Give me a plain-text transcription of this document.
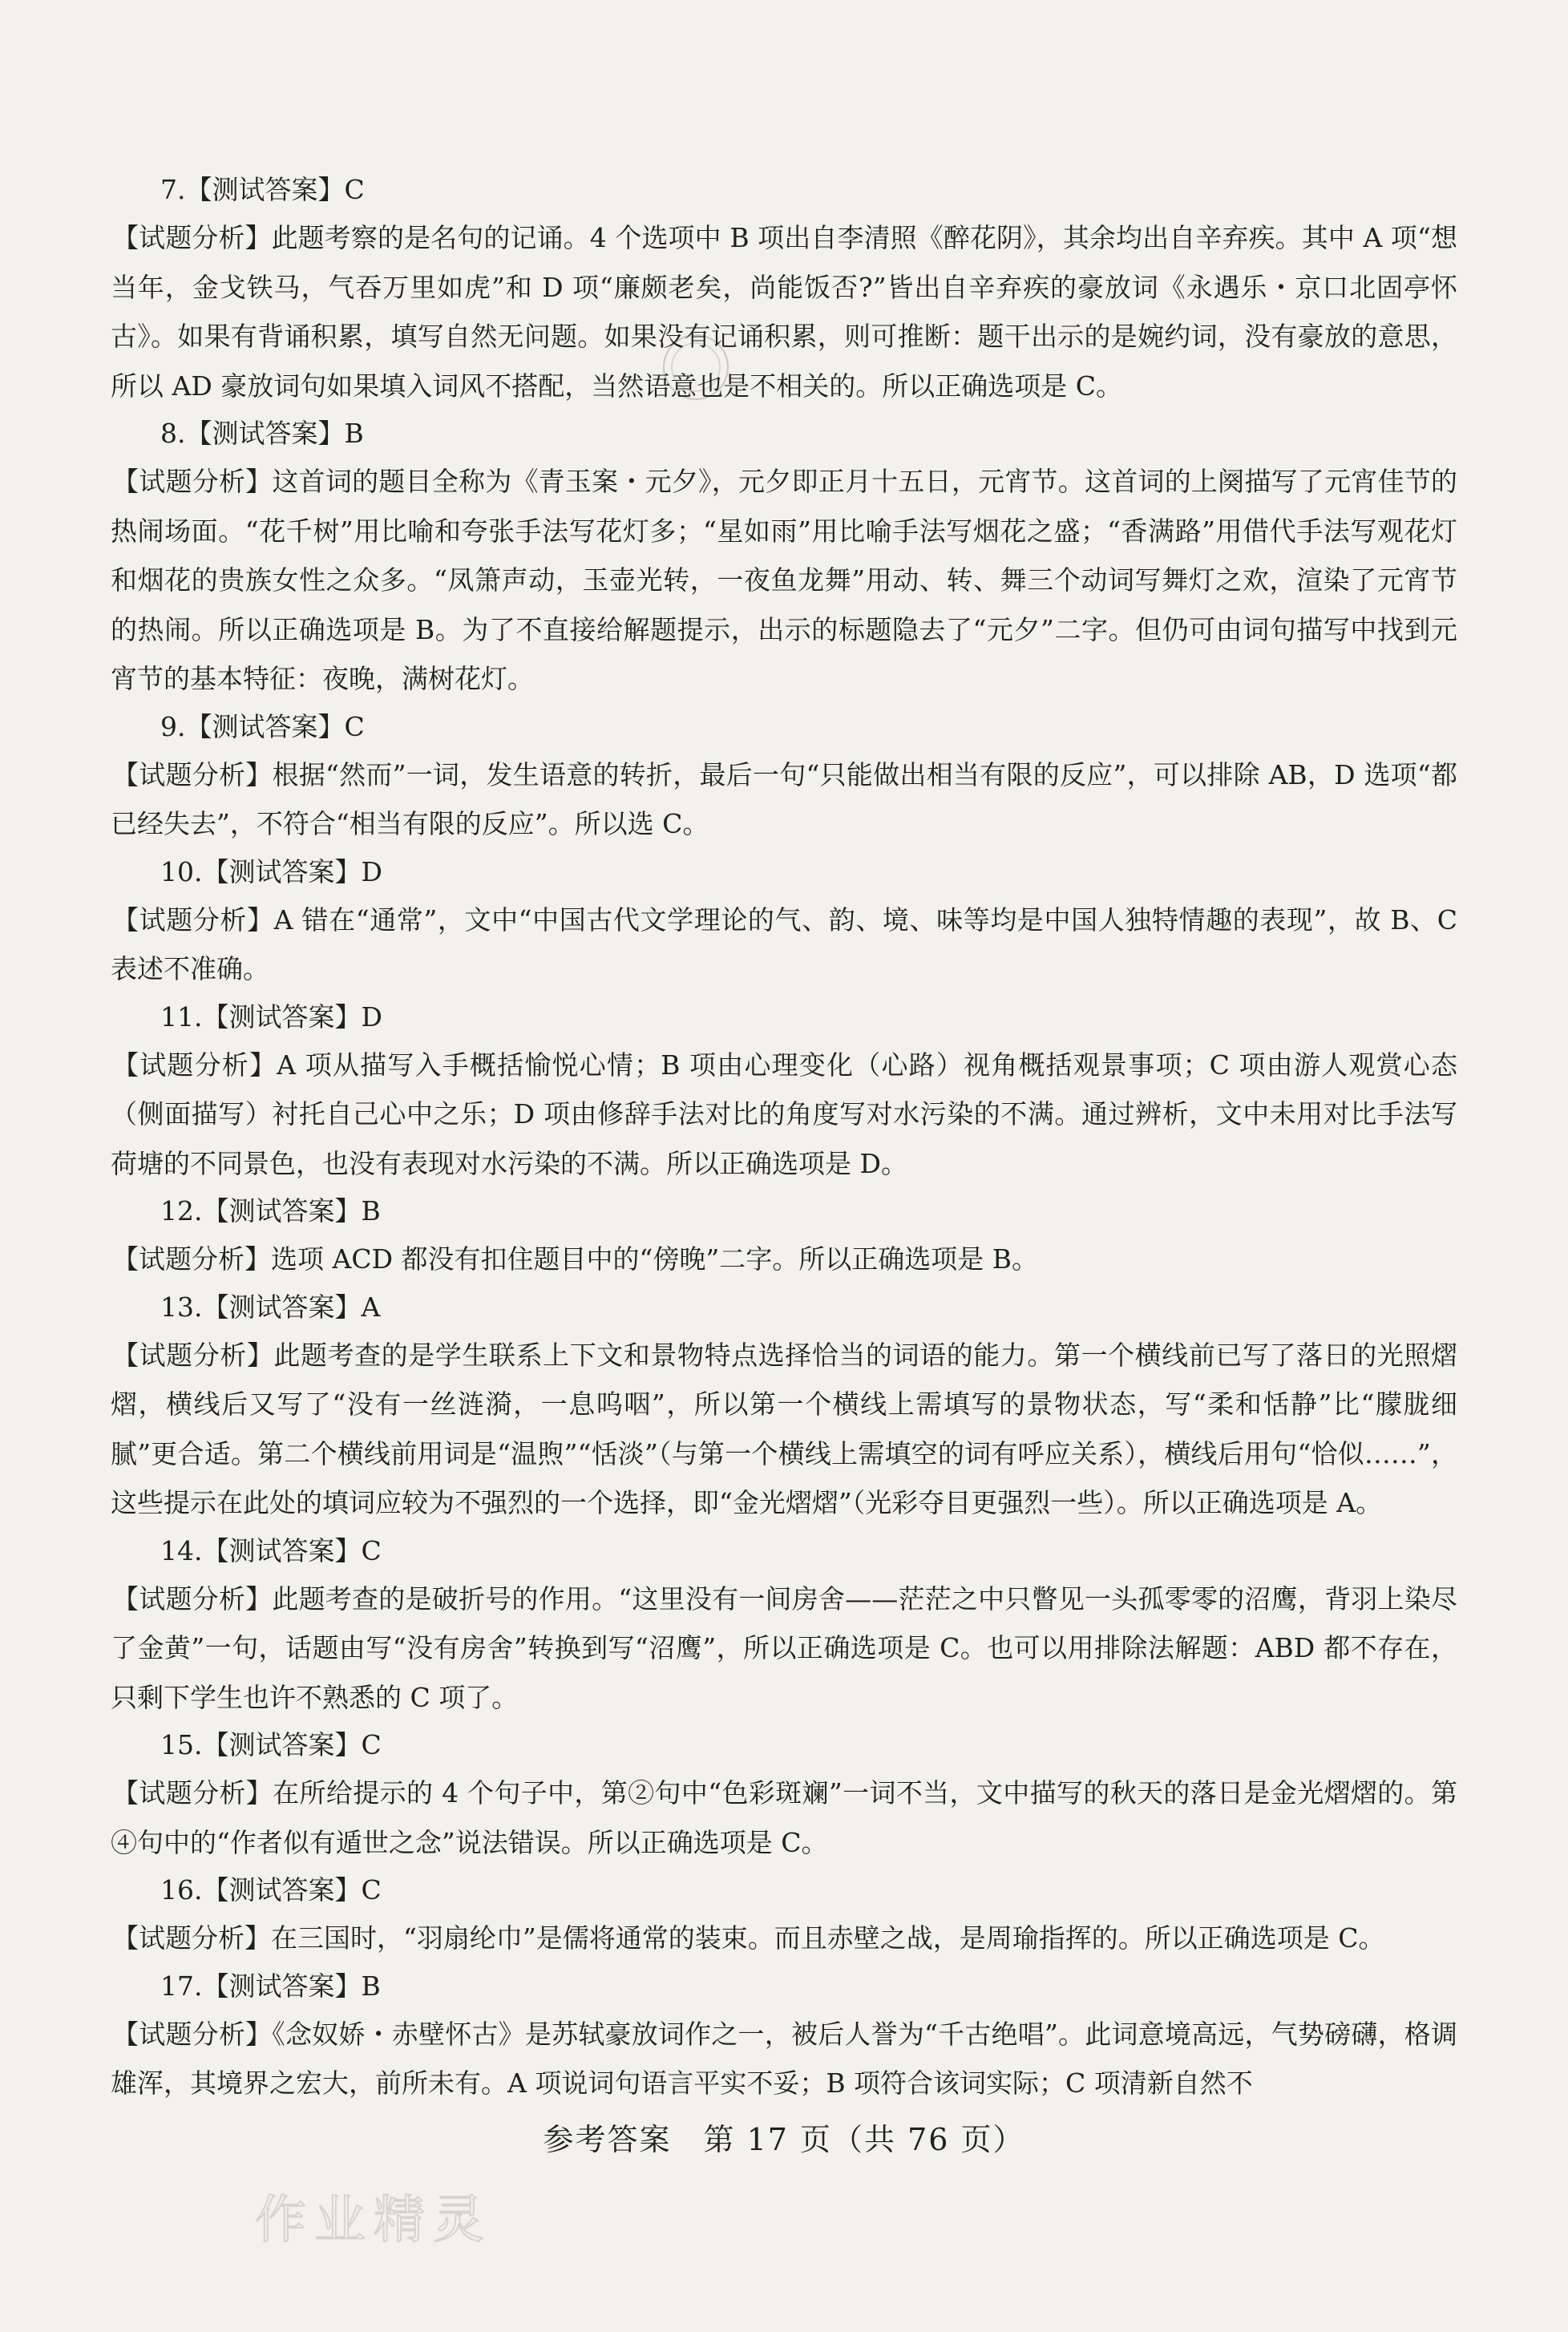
7.【测试答案】C

【试题分析】此题考察的是名句的记诵。4 个选项中 B 项出自李清照《醉花阴》，其余均出自辛弃疾。其中 A 项“想当年，金戈铁马，气吞万里如虎”和 D 项“廉颇老矣，尚能饭否?”皆出自辛弃疾的豪放词《永遇乐・京口北固亭怀古》。如果有背诵积累，填写自然无问题。如果没有记诵积累，则可推断：题干出示的是婉约词，没有豪放的意思，所以 AD 豪放词句如果填入词风不搭配，当然语意也是不相关的。所以正确选项是 C。

8.【测试答案】B

【试题分析】这首词的题目全称为《青玉案・元夕》，元夕即正月十五日，元宵节。这首词的上阕描写了元宵佳节的热闹场面。“花千树”用比喻和夸张手法写花灯多；“星如雨”用比喻手法写烟花之盛；“香满路”用借代手法写观花灯和烟花的贵族女性之众多。“凤箫声动，玉壶光转，一夜鱼龙舞”用动、转、舞三个动词写舞灯之欢，渲染了元宵节的热闹。所以正确选项是 B。为了不直接给解题提示，出示的标题隐去了“元夕”二字。但仍可由词句描写中找到元宵节的基本特征：夜晚，满树花灯。

9.【测试答案】C

【试题分析】根据“然而”一词，发生语意的转折，最后一句“只能做出相当有限的反应”，可以排除 AB，D 选项“都已经失去”，不符合“相当有限的反应”。所以选 C。

10.【测试答案】D

【试题分析】A 错在“通常”，文中“中国古代文学理论的气、韵、境、味等均是中国人独特情趣的表现”，故 B、C 表述不准确。

11.【测试答案】D

【试题分析】A 项从描写入手概括愉悦心情；B 项由心理变化（心路）视角概括观景事项；C 项由游人观赏心态（侧面描写）衬托自己心中之乐；D 项由修辞手法对比的角度写对水污染的不满。通过辨析，文中未用对比手法写荷塘的不同景色，也没有表现对水污染的不满。所以正确选项是 D。

12.【测试答案】B

【试题分析】选项 ACD 都没有扣住题目中的“傍晚”二字。所以正确选项是 B。

13.【测试答案】A

【试题分析】此题考查的是学生联系上下文和景物特点选择恰当的词语的能力。第一个横线前已写了落日的光照熠熠，横线后又写了“没有一丝涟漪，一息呜咽”，所以第一个横线上需填写的景物状态，写“柔和恬静”比“朦胧细腻”更合适。第二个横线前用词是“温煦”“恬淡”（与第一个横线上需填空的词有呼应关系），横线后用句“恰似……”，这些提示在此处的填词应较为不强烈的一个选择，即“金光熠熠”（光彩夺目更强烈一些）。所以正确选项是 A。

14.【测试答案】C

【试题分析】此题考查的是破折号的作用。“这里没有一间房舍——茫茫之中只瞥见一头孤零零的沼鹰，背羽上染尽了金黄”一句，话题由写“没有房舍”转换到写“沼鹰”，所以正确选项是 C。也可以用排除法解题：ABD 都不存在，只剩下学生也许不熟悉的 C 项了。

15.【测试答案】C

【试题分析】在所给提示的 4 个句子中，第②句中“色彩斑斓”一词不当，文中描写的秋天的落日是金光熠熠的。第④句中的“作者似有遁世之念”说法错误。所以正确选项是 C。

16.【测试答案】C

【试题分析】在三国时，“羽扇纶巾”是儒将通常的装束。而且赤壁之战，是周瑜指挥的。所以正确选项是 C。

17.【测试答案】B

【试题分析】《念奴娇・赤壁怀古》是苏轼豪放词作之一，被后人誉为“千古绝唱”。此词意境高远，气势磅礴，格调雄浑，其境界之宏大，前所未有。A 项说词句语言平实不妥；B 项符合该词实际；C 项清新自然不

参考答案　第 17 页（共 76 页）
作业精灵
